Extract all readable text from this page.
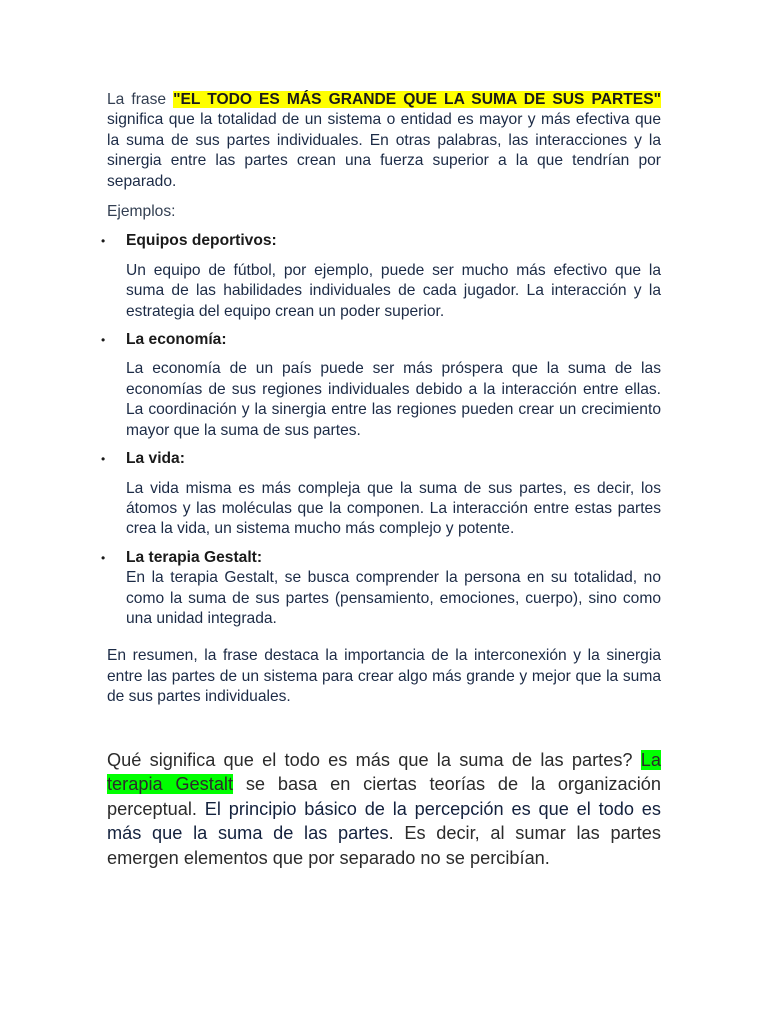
La frase "EL TODO ES MÁS GRANDE QUE LA SUMA DE SUS PARTES" significa que la totalidad de un sistema o entidad es mayor y más efectiva que la suma de sus partes individuales. En otras palabras, las interacciones y la sinergia entre las partes crean una fuerza superior a la que tendrían por separado.

Ejemplos:

• Equipos deportivos:
Un equipo de fútbol, por ejemplo, puede ser mucho más efectivo que la suma de las habilidades individuales de cada jugador. La interacción y la estrategia del equipo crean un poder superior.
• La economía:
La economía de un país puede ser más próspera que la suma de las economías de sus regiones individuales debido a la interacción entre ellas. La coordinación y la sinergia entre las regiones pueden crear un crecimiento mayor que la suma de sus partes.
• La vida:
La vida misma es más compleja que la suma de sus partes, es decir, los átomos y las moléculas que la componen. La interacción entre estas partes crea la vida, un sistema mucho más complejo y potente.
• La terapia Gestalt:
En la terapia Gestalt, se busca comprender la persona en su totalidad, no como la suma de sus partes (pensamiento, emociones, cuerpo), sino como una unidad integrada.

En resumen, la frase destaca la importancia de la interconexión y la sinergia entre las partes de un sistema para crear algo más grande y mejor que la suma de sus partes individuales.

Qué significa que el todo es más que la suma de las partes? La terapia Gestalt se basa en ciertas teorías de la organización perceptual. El principio básico de la percepción es que el todo es más que la suma de las partes. Es decir, al sumar las partes emergen elementos que por separado no se percibían.
